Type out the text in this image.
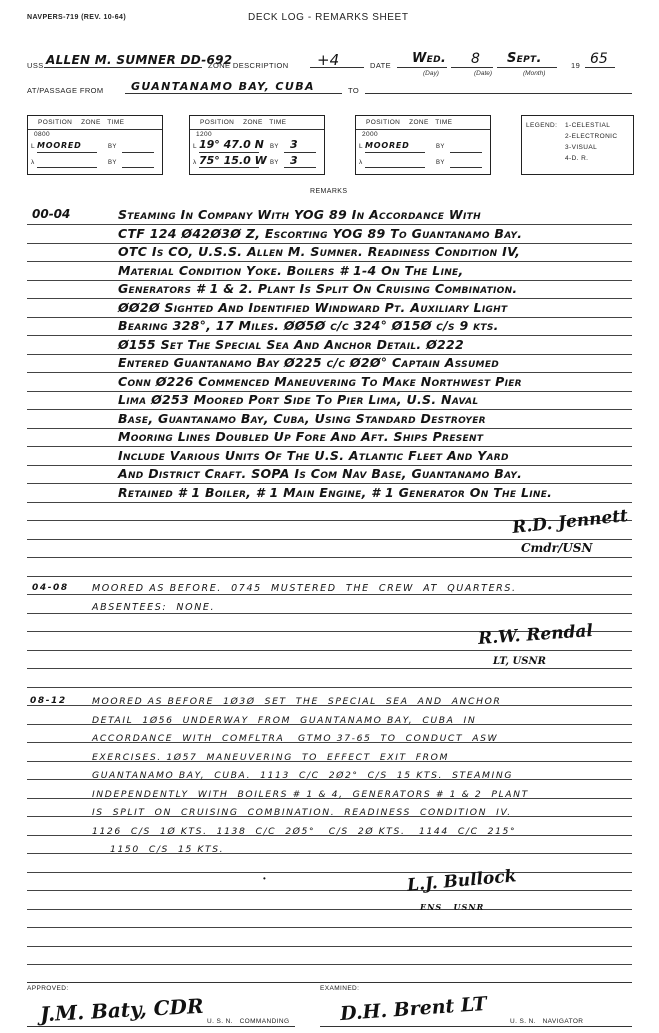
NAVPERS-719 (REV. 10-64)	DECK LOG - REMARKS SHEET
USS ALLEN M. SUMNER DD-692
ZONE DESCRIPTION +4	DATE Wed. 8 Sept.	19 65
(Day)	(Date)	(Month)
AT/PASSAGE FROM GUANTANAMO BAY, CUBA	TO
POSITION    ZONE   TIME
0800
L MOORED	BY
λ	BY
POSITION    ZONE   TIME
1200
L 19° 47.0 N BY 3
λ 75° 15.0 W BY 3
POSITION    ZONE   TIME
2000
L MOORED	BY
λ	BY
LEGEND: 1-CELESTIAL
2-ELECTRONIC
3-VISUAL
4-D. R.
REMARKS
00-04	Steaming In Company With YOG 89 In Accordance With
CTF 124 Ø42Ø3Ø Z, Escorting YOG 89 To Guantanamo Bay.
OTC Is CO, U.S.S. Allen M. Sumner. Readiness Condition IV,
Material Condition Yoke. Boilers # 1-4 On The Line,
Generators # 1 & 2. Plant Is Split On Cruising Combination.
ØØ2Ø Sighted And Identified Windward Pt. Auxiliary Light
Bearing 328°, 17 Miles. ØØ5Ø c/c 324° Ø15Ø c/s 9 kts.
Ø155 Set The Special Sea And Anchor Detail. Ø222
Entered Guantanamo Bay Ø225 c/c Ø2Ø° Captain Assumed
Conn Ø226 Commenced Maneuvering To Make Northwest Pier
Lima Ø253 Moored Port Side To Pier Lima, U.S. Naval
Base, Guantanamo Bay, Cuba, Using Standard Destroyer
Mooring Lines Doubled Up Fore And Aft. Ships Present
Include Various Units Of The U.S. Atlantic Fleet And Yard
And District Craft. SOPA Is Com Nav Base, Guantanamo Bay.
Retained # 1 Boiler, # 1 Main Engine, # 1 Generator On The Line.
R.D. Jennett
Cmdr/USN
04-08 MOORED AS BEFORE.  0745  MUSTERED  THE  CREW  AT  QUARTERS.
ABSENTEES:  NONE.
R.W. Rendal
LT, USNR
08-12	MOORED AS BEFORE  1Ø3Ø  SET  THE  SPECIAL  SEA  AND  ANCHOR
DETAIL  1Ø56  UNDERWAY  FROM  GUANTANAMO BAY,  CUBA  IN
ACCORDANCE  WITH  COMFLTRA   GTMO 37-65  TO  CONDUCT  ASW
EXERCISES. 1Ø57  MANEUVERING  TO  EFFECT  EXIT  FROM
GUANTANAMO BAY,  CUBA.  1113  C/C  2Ø2°  C/S  15 KTS.  STEAMING
INDEPENDENTLY  WITH  BOILERS # 1 & 4,  GENERATORS # 1 & 2  PLANT
IS  SPLIT  ON  CRUISING  COMBINATION.  READINESS  CONDITION  IV.
1126  C/S  1Ø KTS.  1138  C/C  2Ø5°   C/S  2Ø KTS.   1144  C/C  215°
1150  C/S  15 KTS.
L.J. Bullock
ENS   USNR
•
APPROVED:	EXAMINED:
J.M. Baty, CDR U. S. N.   COMMANDING	D.H. Brent LT	U. S. N.   NAVIGATOR
